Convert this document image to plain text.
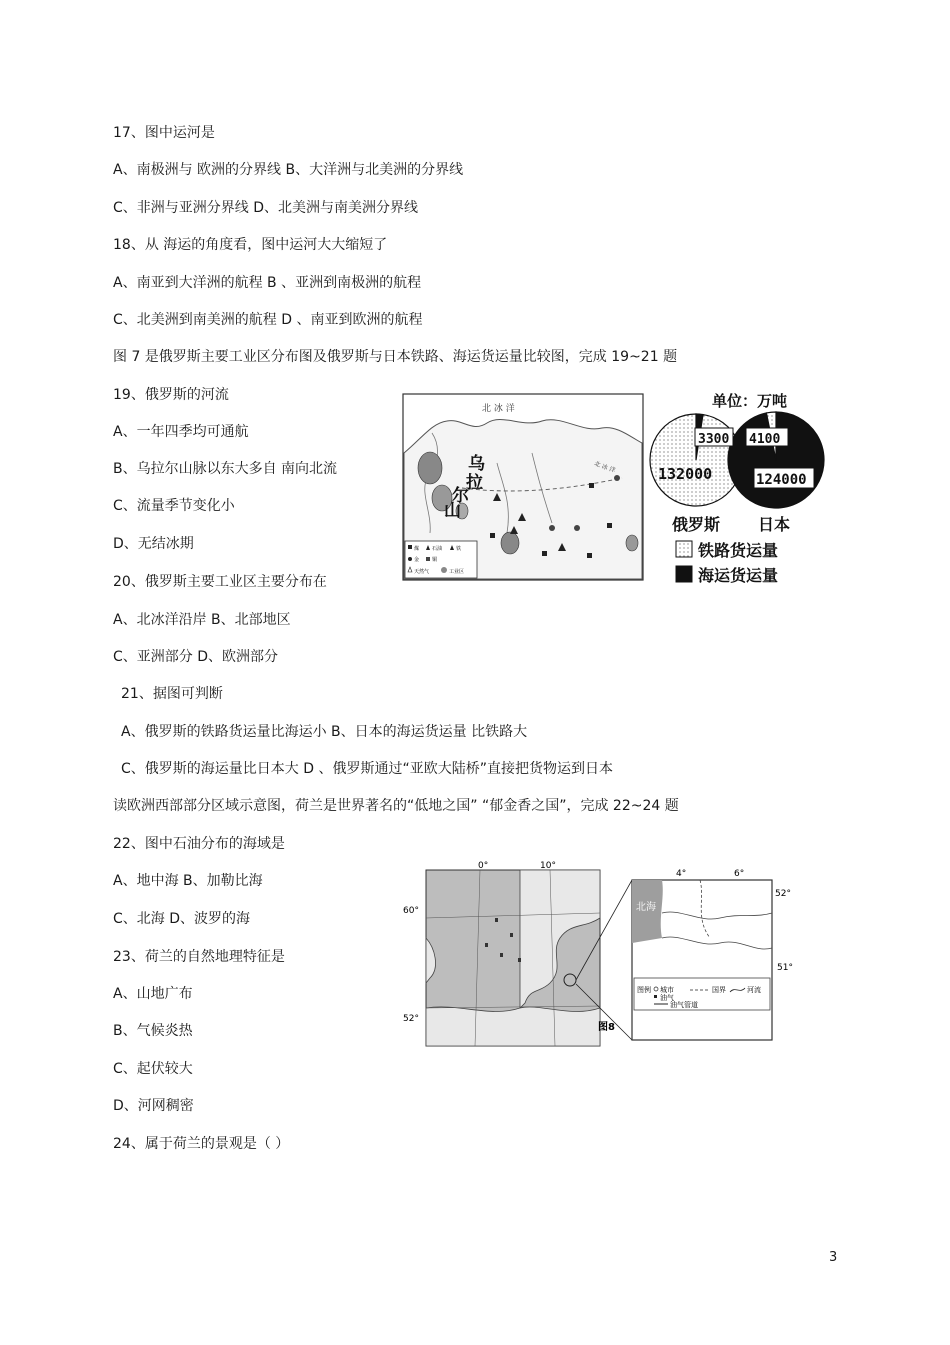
17、图中运河是
A、南极洲与 欧洲的分界线 B、大洋洲与北美洲的分界线
C、非洲与亚洲分界线 D、北美洲与南美洲分界线
18、从 海运的角度看，图中运河大大缩短了
A、南亚到大洋洲的航程 B 、亚洲到南极洲的航程
C、北美洲到南美洲的航程 D 、南亚到欧洲的航程
图 7 是俄罗斯主要工业区分布图及俄罗斯与日本铁路、海运货运量比较图，完成 19~21 题
19、俄罗斯的河流
A、一年四季均可通航
B、乌拉尔山脉以东大多自 南向北流
C、流量季节变化小
D、无结冰期
20、俄罗斯主要工业区主要分布在
A、北冰洋沿岸 B、北部地区
C、亚洲部分 D、欧洲部分
21、据图可判断
A、俄罗斯的铁路货运量比海运小 B、日本的海运货运量 比铁路大
C、俄罗斯的海运量比日本大 D 、俄罗斯通过“亚欧大陆桥”直接把货物运到日本
读欧洲西部部分区域示意图，荷兰是世界著名的“低地之国” “郁金香之国”，完成 22~24 题
22、图中石油分布的海域是
A、地中海 B、加勒比海
C、北海 D、波罗的海
23、荷兰的自然地理特征是
A、山地广布
B、气候炎热
C、起伏较大
D、河网稠密
24、属于荷兰的景观是（ ）
北 冰 洋
乌
拉
尔
山
北 冰 洋
煤	石油	铁
金	铜
天然气	工业区
单位：万吨
3300
132000
4100
124000
俄罗斯 日本
铁路货运量
海运货运量
0°	10°
60°
52°
北海
4°	6°
52°
51°
图例 城市
油气
国界	河流
油气管道
图8
3
